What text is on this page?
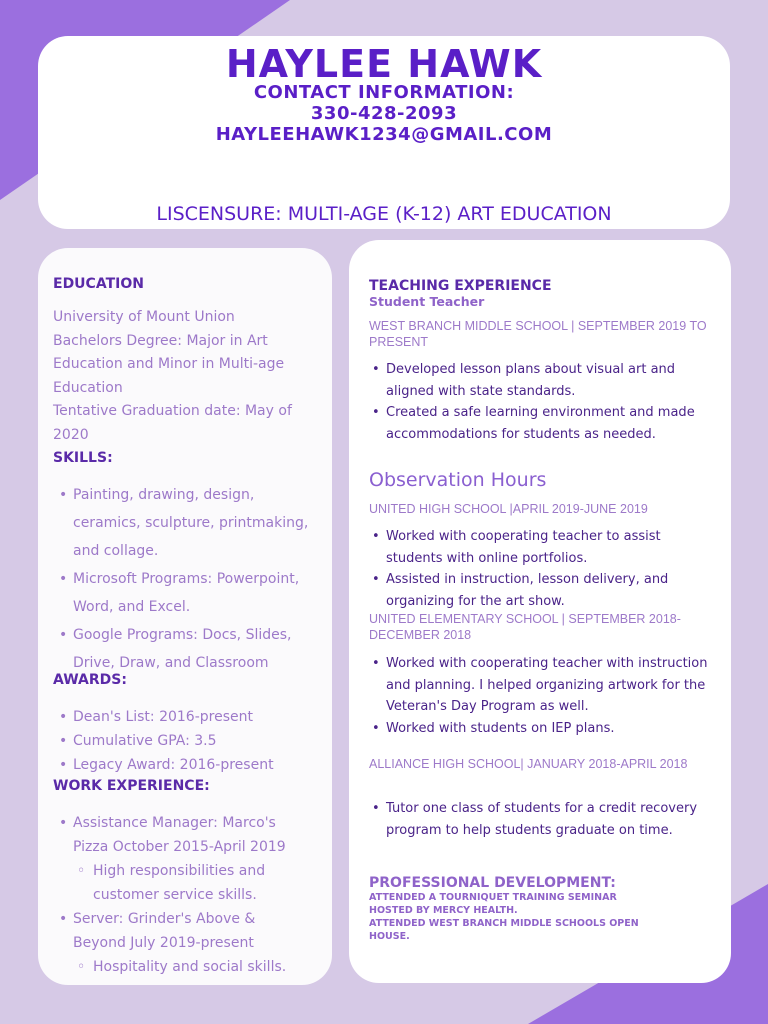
HAYLEE HAWK
CONTACT INFORMATION:
330-428-2093
HAYLEEHAWK1234@GMAIL.COM
LISCENSURE: MULTI-AGE (K-12) ART EDUCATION

EDUCATION

University of Mount Union

Bachelors Degree: Major in Art

Education and Minor in Multi-age

Education

Tentative Graduation date: May of

2020

SKILLS:

• Painting, drawing, design, ceramics, sculpture, printmaking, and collage.
• Microsoft Programs: Powerpoint, Word, and Excel.
• Google Programs: Docs, Slides, Drive, Draw, and Classroom

AWARDS:

• Dean's List: 2016-present
• Cumulative GPA: 3.5
• Legacy Award: 2016-present

WORK EXPERIENCE:

• Assistance Manager: Marco's Pizza October 2015-April 2019
◦ High responsibilities and customer service skills.
• Server: Grinder's Above & Beyond July 2019-present
◦ Hospitality and social skills.

TEACHING EXPERIENCE

Student Teacher

WEST BRANCH MIDDLE SCHOOL | SEPTEMBER 2019 TO PRESENT

• Developed lesson plans about visual art and aligned with state standards.
• Created a safe learning environment and made accommodations for students as needed.

Observation Hours

UNITED HIGH SCHOOL |APRIL 2019-JUNE 2019

• Worked with cooperating teacher to assist students with online portfolios.
• Assisted in instruction, lesson delivery, and organizing for the art show.

UNITED ELEMENTARY SCHOOL | SEPTEMBER 2018-DECEMBER 2018

• Worked with cooperating teacher with instruction and planning. I helped organizing artwork for the Veteran's Day Program as well.
• Worked with students on IEP plans.

ALLIANCE HIGH SCHOOL| JANUARY 2018-APRIL 2018

• Tutor one class of students for a credit recovery program to help students graduate on time.

PROFESSIONAL DEVELOPMENT:

ATTENDED A TOURNIQUET TRAINING SEMINAR

HOSTED BY MERCY HEALTH.

ATTENDED WEST BRANCH MIDDLE SCHOOLS OPEN

HOUSE.
